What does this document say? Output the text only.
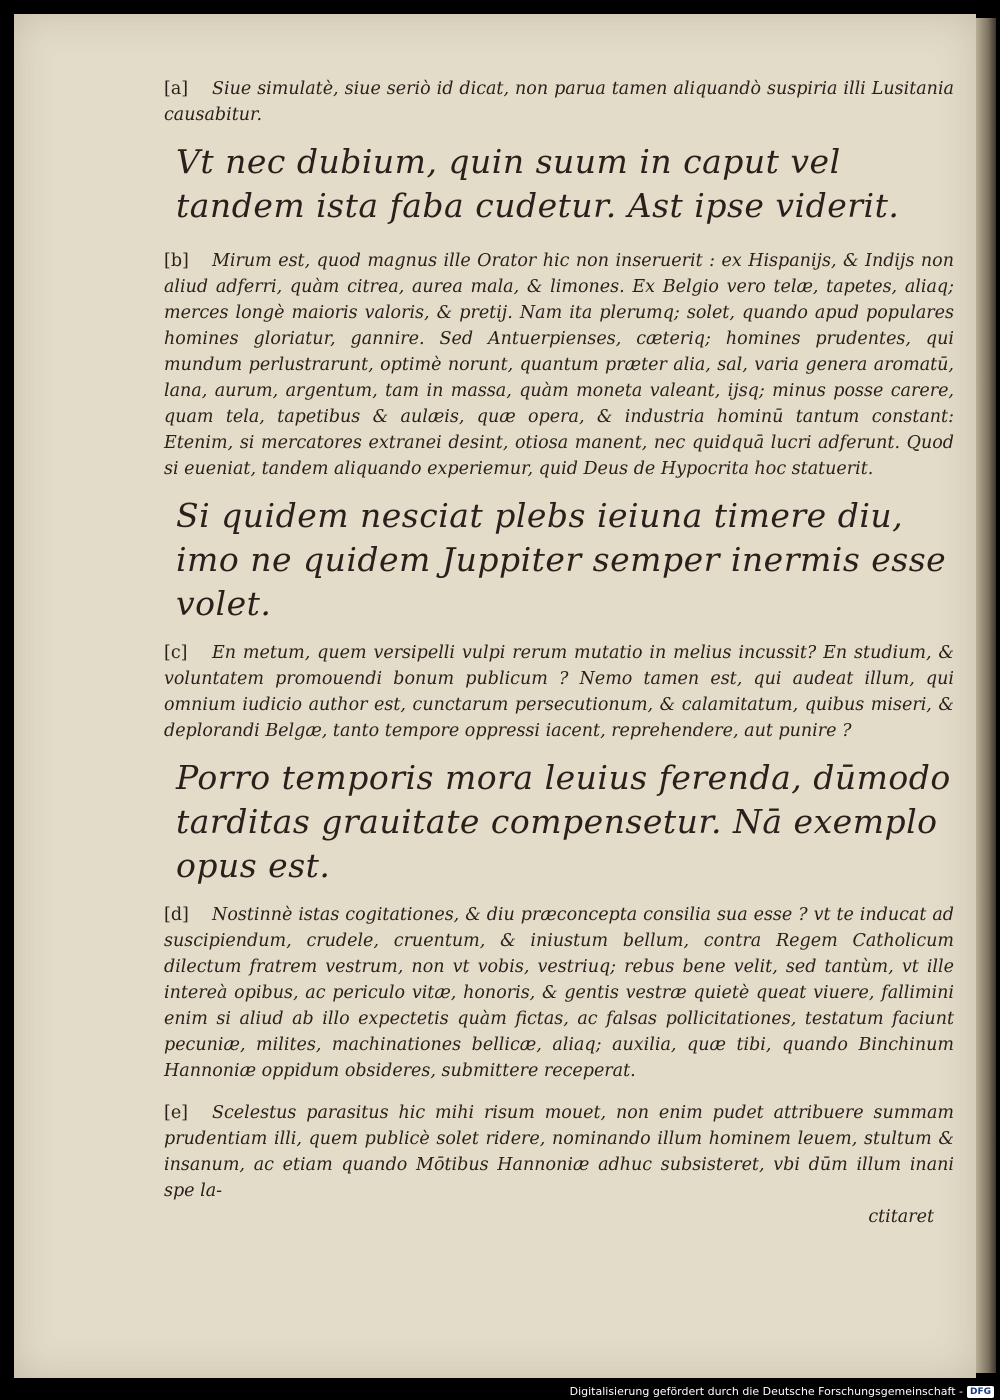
[a] Siue simulatè, siue seriò id dicat, non parua tamen aliquandò suspiria illi Lusitania causabitur.

Vt nec dubium, quin suum in caput vel tandem ista faba cudetur. Ast ipse viderit.

[b] Mirum est, quod magnus ille Orator hic non inseruerit : ex Hispanijs, & Indijs non aliud adferri, quàm citrea, aurea mala, & limones. Ex Belgio vero telæ, tapetes, aliaq; merces longè maioris valoris, & pretij. Nam ita plerumq; solet, quando apud populares homines gloriatur, gannire. Sed Antuerpienses, cæteriq; homines prudentes, qui mundum perlustrarunt, optimè norunt, quantum præter alia, sal, varia genera aromatū, lana, aurum, argentum, tam in massa, quàm moneta valeant, ijsq; minus posse carere, quam tela, tapetibus & aulæis, quæ opera, & industria hominū tantum constant: Etenim, si mercatores extranei desint, otiosa manent, nec quidquā lucri adferunt. Quod si eueniat, tandem aliquando experiemur, quid Deus de Hypocrita hoc statuerit.

Si quidem nesciat plebs ieiuna timere diu, imo ne quidem Juppiter semper inermis esse volet.

[c] En metum, quem versipelli vulpi rerum mutatio in melius incussit? En studium, & voluntatem promouendi bonum publicum ? Nemo tamen est, qui audeat illum, qui omnium iudicio author est, cunctarum persecutionum, & calamitatum, quibus miseri, & deplorandi Belgæ, tanto tempore oppressi iacent, reprehendere, aut punire ?

Porro temporis mora leuius ferenda, dūmodo tarditas grauitate compensetur. Nā exemplo opus est.

[d] Nostinnè istas cogitationes, & diu præconcepta consilia sua esse ? vt te inducat ad suscipiendum, crudele, cruentum, & iniustum bellum, contra Regem Catholicum dilectum fratrem vestrum, non vt vobis, vestriuq; rebus bene velit, sed tantùm, vt ille intereà opibus, ac periculo vitæ, honoris, & gentis vestræ quietè queat viuere, fallimini enim si aliud ab illo expectetis quàm fictas, ac falsas pollicitationes, testatum faciunt pecuniæ, milites, machinationes bellicæ, aliaq; auxilia, quæ tibi, quando Binchinum Hannoniæ oppidum obsideres, submittere receperat.

[e] Scelestus parasitus hic mihi risum mouet, non enim pudet attribuere summam prudentiam illi, quem publicè solet ridere, nominando illum hominem leuem, stultum & insanum, ac etiam quando Mōtibus Hannoniæ adhuc subsisteret, vbi dūm illum inani spe la-
ctitaret

Digitalisierung gefördert durch die Deutsche Forschungsgemeinschaft - DFG
